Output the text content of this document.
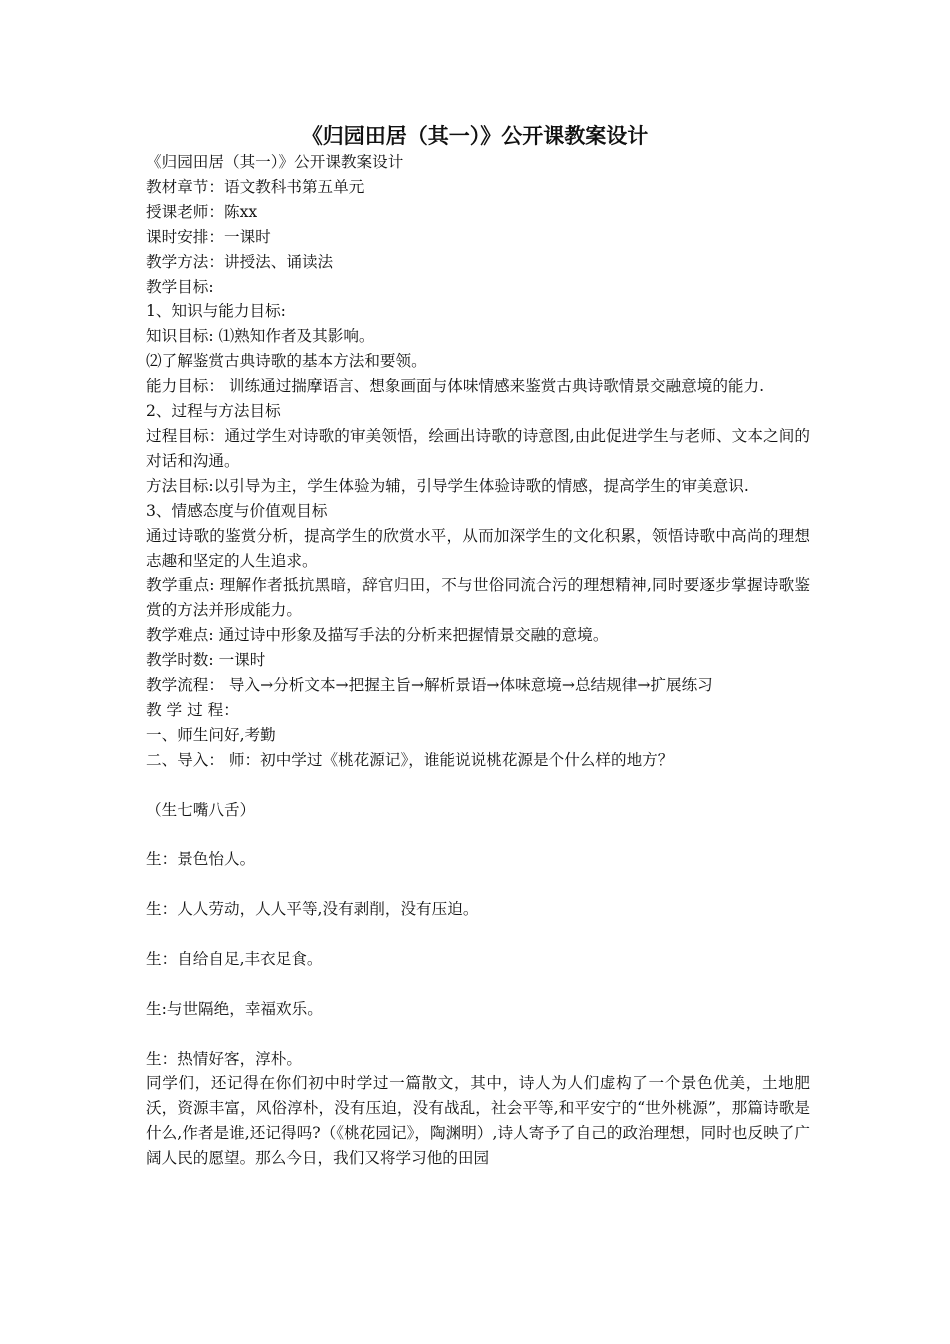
《归园田居（其一）》公开课教案设计

《归园田居（其一）》公开课教案设计

教材章节：语文教科书第五单元

授课老师：陈xx

课时安排：一课时

教学方法：讲授法、诵读法

教学目标:

1、知识与能力目标:

知识目标: ⑴熟知作者及其影响。

⑵了解鉴赏古典诗歌的基本方法和要领。

能力目标： 训练通过揣摩语言、想象画面与体味情感来鉴赏古典诗歌情景交融意境的能力.

2、过程与方法目标

过程目标：通过学生对诗歌的审美领悟，绘画出诗歌的诗意图,由此促进学生与老师、文本之间的对话和沟通。

方法目标:以引导为主，学生体验为辅，引导学生体验诗歌的情感，提高学生的审美意识.

3、情感态度与价值观目标

通过诗歌的鉴赏分析，提高学生的欣赏水平，从而加深学生的文化积累，领悟诗歌中高尚的理想志趣和坚定的人生追求。

教学重点: 理解作者抵抗黑暗，辞官归田，不与世俗同流合污的理想精神,同时要逐步掌握诗歌鉴赏的方法并形成能力。

教学难点: 通过诗中形象及描写手法的分析来把握情景交融的意境。

教学时数: 一课时

教学流程： 导入→分析文本→把握主旨→解析景语→体味意境→总结规律→扩展练习

教 学 过 程：

一、师生问好,考勤

二、导入： 师：初中学过《桃花源记》，谁能说说桃花源是个什么样的地方？

（生七嘴八舌）

生：景色怡人。

生：人人劳动，人人平等,没有剥削，没有压迫。

生：自给自足,丰衣足食。

生:与世隔绝，幸福欢乐。

生：热情好客，淳朴。

同学们，还记得在你们初中时学过一篇散文，其中，诗人为人们虚构了一个景色优美，土地肥沃，资源丰富，风俗淳朴，没有压迫，没有战乱，社会平等,和平安宁的“世外桃源”，那篇诗歌是什么,作者是谁,还记得吗?（《桃花园记》，陶渊明）,诗人寄予了自己的政治理想，同时也反映了广阔人民的愿望。那么今日，我们又将学习他的田园
